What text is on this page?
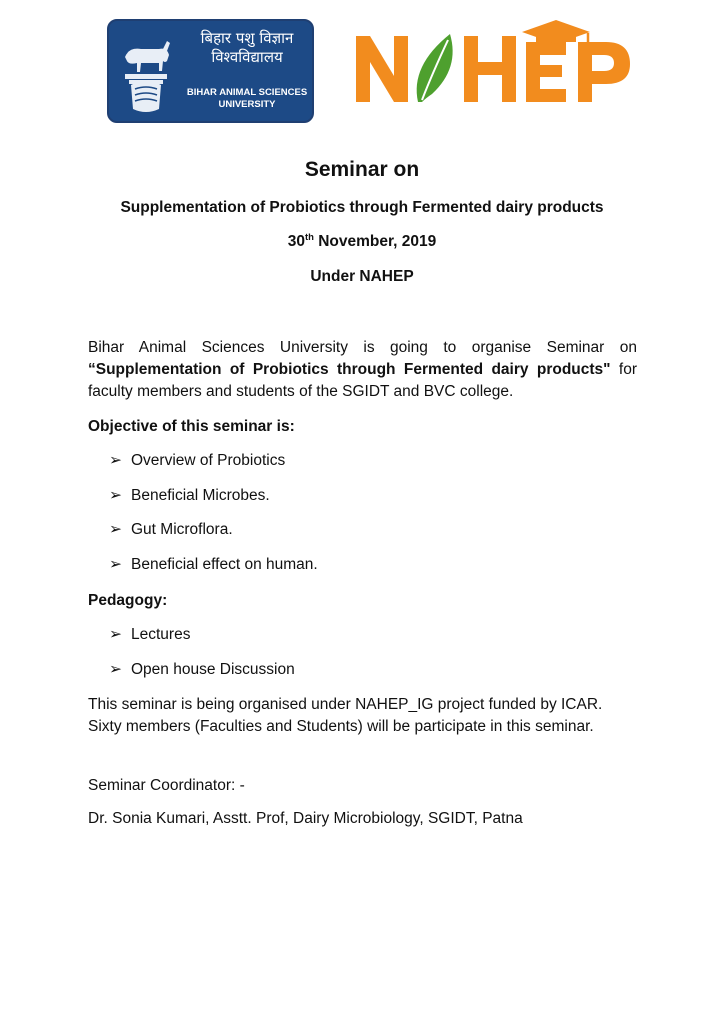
बिहार पशु विज्ञान
विश्वविद्यालय
BIHAR ANIMAL SCIENCES
UNIVERSITY
Seminar on
Supplementation of Probiotics through Fermented dairy products
30th November, 2019
Under NAHEP
Bihar Animal Sciences University is going to organise Seminar on “Supplementation of Probiotics through Fermented dairy products" for faculty members and students of the SGIDT and BVC college.
Objective of this seminar is:
➢ Overview of Probiotics
➢ Beneficial Microbes.
➢ Gut Microflora.
➢ Beneficial effect on human.
Pedagogy:
➢ Lectures
➢ Open house Discussion
This seminar is being organised under NAHEP_IG project funded by ICAR. Sixty members (Faculties and Students) will be participate in this seminar.
Seminar Coordinator: -
Dr. Sonia Kumari, Asstt. Prof, Dairy Microbiology, SGIDT, Patna
